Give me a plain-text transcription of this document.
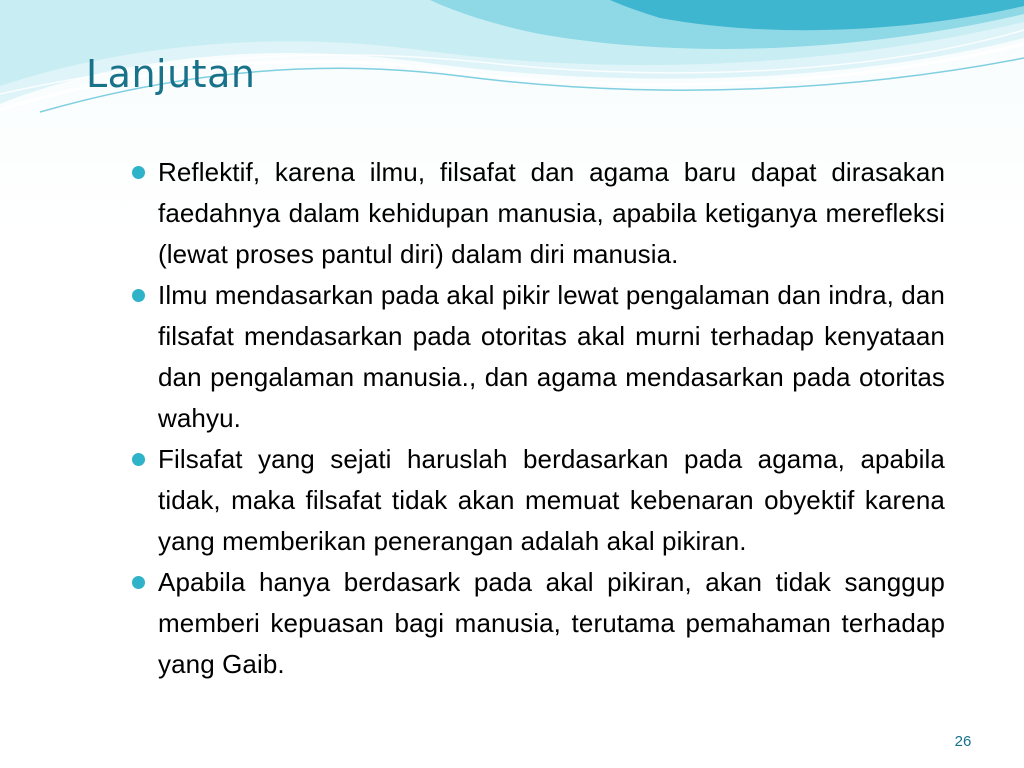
Lanjutan
Reflektif, karena ilmu, filsafat dan agama baru dapat dirasakan faedahnya dalam kehidupan manusia, apabila ketiganya merefleksi (lewat proses pantul diri) dalam diri manusia.
Ilmu mendasarkan pada akal pikir lewat pengalaman dan indra, dan filsafat mendasarkan pada otoritas akal murni terhadap kenyataan dan pengalaman manusia., dan agama mendasarkan pada otoritas wahyu.
Filsafat yang sejati haruslah berdasarkan pada agama, apabila tidak, maka filsafat tidak akan memuat kebenaran obyektif karena yang memberikan penerangan adalah akal pikiran.
Apabila hanya berdasark pada akal pikiran, akan tidak sanggup memberi kepuasan bagi manusia, terutama pemahaman terhadap yang Gaib.
26
